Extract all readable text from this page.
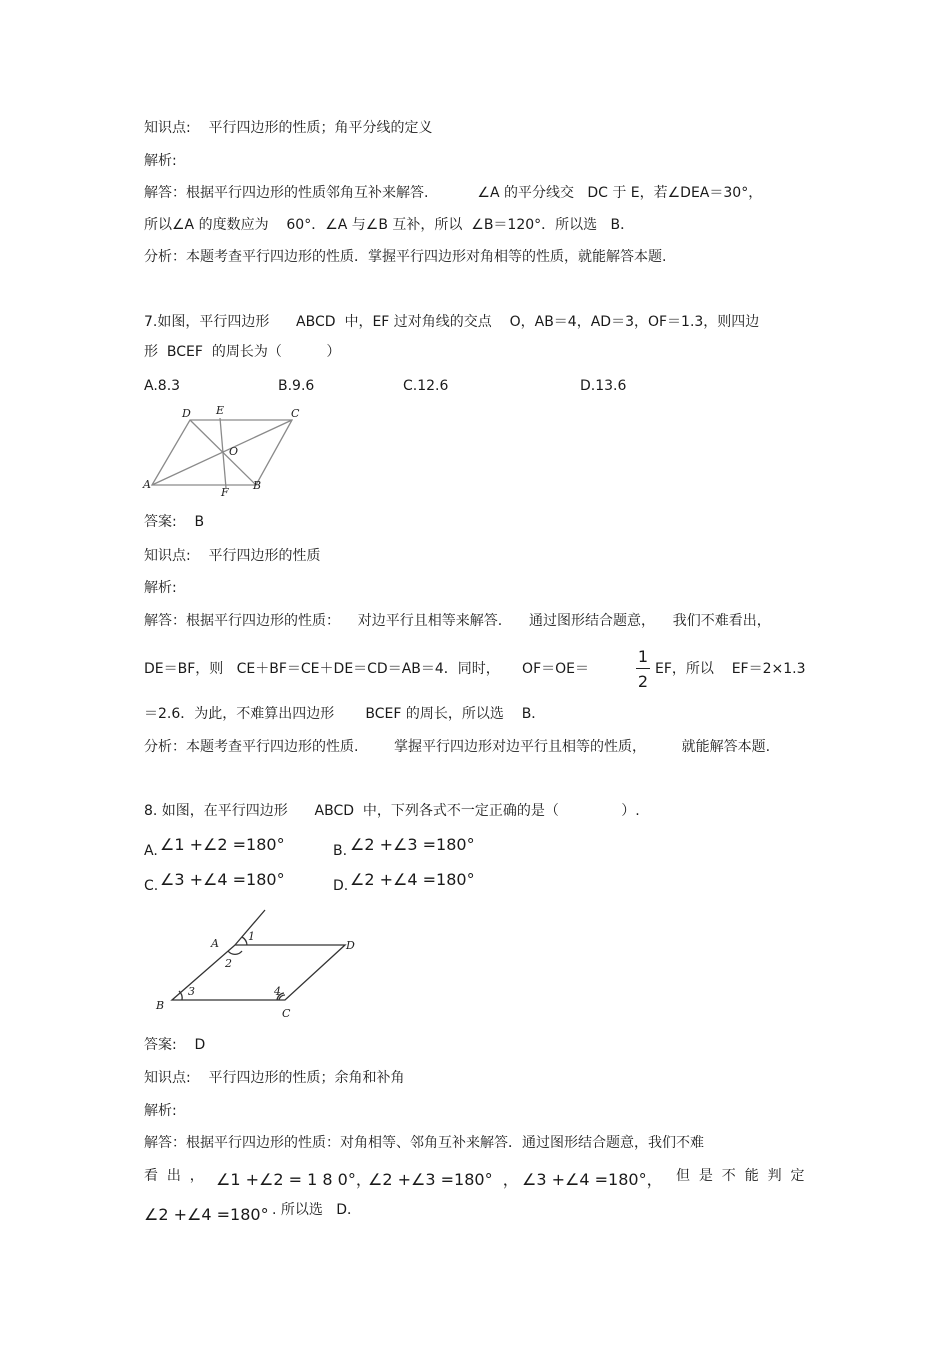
知识点:    平行四边形的性质；角平分线的定义
解析:
解答：根据平行四边形的性质邻角互补来解答.           ∠A 的平分线交   DC 于 E，若∠DEA＝30°，
所以∠A 的度数应为    60°．∠A 与∠B 互补，所以  ∠B＝120°．所以选   B．
分析：本题考查平行四边形的性质．掌握平行四边形对角相等的性质，就能解答本题.
7.如图，平行四边形      ABCD  中，EF 过对角线的交点    O，AB＝4，AD＝3，OF＝1.3，则四边
形  BCEF  的周长为（          ）
A.8.3	B.9.6	C.12.6	D.13.6
D E	C
O
A
F
B
答案:    B
知识点:    平行四边形的性质
解析:
解答：根据平行四边形的性质：    对边平行且相等来解答.      通过图形结合题意，    我们不难看出，
DE＝BF，则   CE＋BF＝CE＋DE＝CD＝AB＝4．同时，     OF＝OE＝
1
2
EF，所以    EF＝2×1.3
＝2.6．为此，不难算出四边形       BCEF 的周长，所以选    B．
分析：本题考查平行四边形的性质.        掌握平行四边形对边平行且相等的性质，        就能解答本题.
8. 如图，在平行四边形      ABCD  中，下列各式不一定正确的是（              ）.
A. ∠1 +∠2 =180°	B. ∠2 +∠3 =180°
C. ∠3 +∠4 =180°	D. ∠2 +∠4 =180°
A
1
D
2
3	4
B
C
答案:    D
知识点:    平行四边形的性质；余角和补角
解析:
解答：根据平行四边形的性质：对角相等、邻角互补来解答．通过图形结合题意，我们不难
看  出  ， ∠1 +∠2 = 1 8 0°，
∠2 +∠3 =180°  ， ∠3 +∠4 =180°， 但  是  不  能  判  定
∠2 +∠4 =180° . 所以选   D．
